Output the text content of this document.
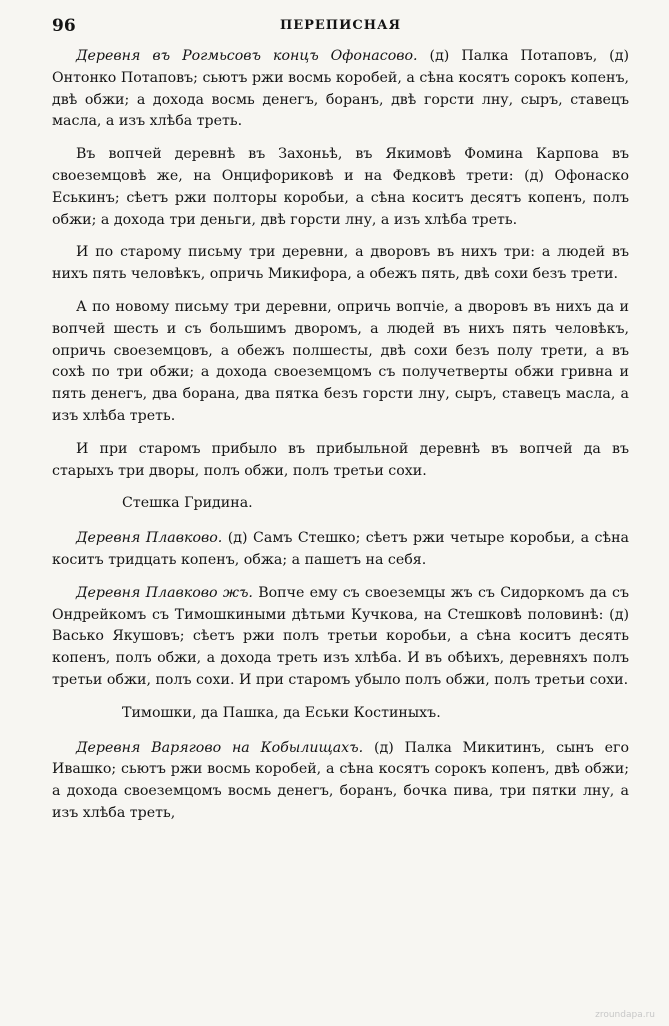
96	ПЕРЕПИСНАЯ

Деревня въ Рогмьсовъ концъ Офонасово. (д) Палка Потаповъ, (д) Онтонко Потаповъ; сьютъ ржи восмь коробей, а сѣна косятъ сорокъ копенъ, двѣ обжи; а дохода восмь денегъ, боранъ, двѣ горсти лну, сыръ, ставецъ масла, а изъ хлѣба треть.

Въ вопчей деревнѣ въ Захоньѣ, въ Якимовѣ Фомина Карпова въ своеземцовѣ же, на Онцифориковѣ и на Федковѣ трети: (д) Офонаско Еськинъ; сѣетъ ржи полторы коробьи, а сѣна коситъ десятъ копенъ, полъ обжи; а дохода три деньги, двѣ горсти лну, а изъ хлѣба треть.

И по старому письму три деревни, а дворовъ въ нихъ три: а людей въ нихъ пять человѣкъ, опричь Микифора, а обежъ пять, двѣ сохи безъ трети.

А по новому письму три деревни, опричь вопчiе, а дворовъ въ нихъ да и вопчей шесть и съ большимъ дворомъ, а людей въ нихъ пять человѣкъ, опричь своеземцовъ, а обежъ полшесты, двѣ сохи безъ полу трети, а въ сохѣ по три обжи; а дохода своеземцомъ съ получетверты обжи гривна и пять денегъ, два борана, два пятка безъ горсти лну, сыръ, ставецъ масла, а изъ хлѣба треть.

И при старомъ прибыло въ прибыльной деревнѣ въ вопчей да въ старыхъ три дворы, полъ обжи, полъ третьи сохи.

Стешка Гридина.

Деревня Плавково. (д) Самъ Стешко; сѣетъ ржи четыре коробьи, а сѣна коситъ тридцать копенъ, обжа; а пашетъ на себя.

Деревня Плавково жъ. Вопче ему съ своеземцы жъ съ Сидоркомъ да съ Ондрейкомъ съ Тимошкиными дѣтьми Кучкова, на Стешковѣ половинѣ: (д) Васько Якушовъ; сѣетъ ржи полъ третьи коробьи, а сѣна коситъ десять копенъ, полъ обжи, а дохода треть изъ хлѣба. И въ обѣихъ, деревняхъ полъ третьи обжи, полъ сохи. И при старомъ убыло полъ обжи, полъ третьи сохи.

Тимошки, да Пашка, да Еськи Костиныхъ.

Деревня Варягово на Кобылищахъ. (д) Палка Микитинъ, сынъ его Ивашко; сьютъ ржи восмь коробей, а сѣна косятъ сорокъ копенъ, двѣ обжи; а дохода своеземцомъ восмь денегъ, боранъ, бочка пива, три пятки лну, а изъ хлѣба треть,

zroundapa.ru
